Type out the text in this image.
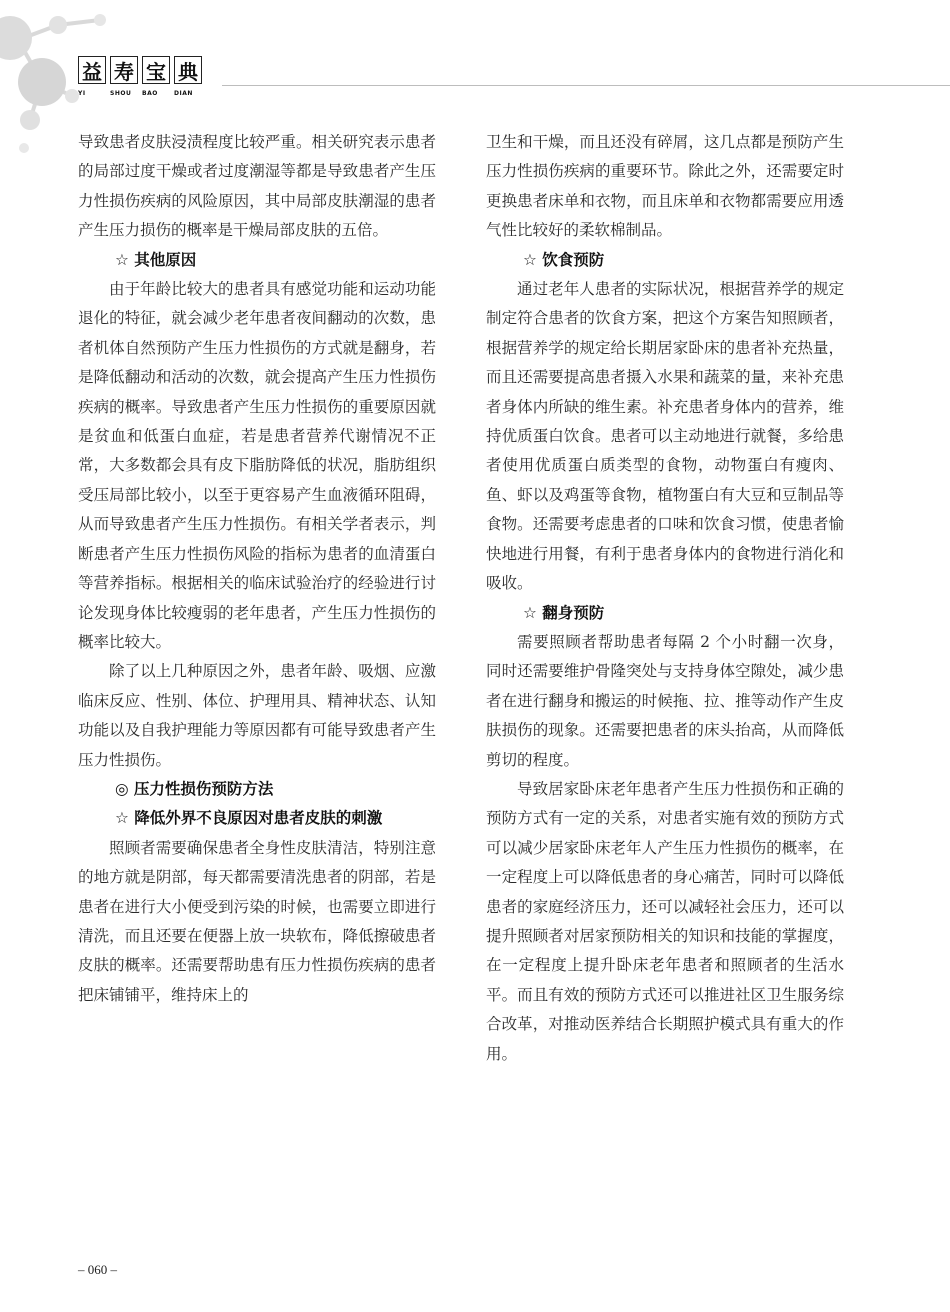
益 寿 宝 典
YI	SHOU	BAO	DIAN

导致患者皮肤浸渍程度比较严重。相关研究表示患者的局部过度干燥或者过度潮湿等都是导致患者产生压力性损伤疾病的风险原因，其中局部皮肤潮湿的患者产生压力损伤的概率是干燥局部皮肤的五倍。

☆ 其他原因

由于年龄比较大的患者具有感觉功能和运动功能退化的特征，就会减少老年患者夜间翻动的次数，患者机体自然预防产生压力性损伤的方式就是翻身，若是降低翻动和活动的次数，就会提高产生压力性损伤疾病的概率。导致患者产生压力性损伤的重要原因就是贫血和低蛋白血症，若是患者营养代谢情况不正常，大多数都会具有皮下脂肪降低的状况，脂肪组织受压局部比较小，以至于更容易产生血液循环阻碍，从而导致患者产生压力性损伤。有相关学者表示，判断患者产生压力性损伤风险的指标为患者的血清蛋白等营养指标。根据相关的临床试验治疗的经验进行讨论发现身体比较瘦弱的老年患者，产生压力性损伤的概率比较大。

除了以上几种原因之外，患者年龄、吸烟、应激临床反应、性别、体位、护理用具、精神状态、认知功能以及自我护理能力等原因都有可能导致患者产生压力性损伤。

◎ 压力性损伤预防方法

☆ 降低外界不良原因对患者皮肤的刺激

照顾者需要确保患者全身性皮肤清洁，特别注意的地方就是阴部，每天都需要清洗患者的阴部，若是患者在进行大小便受到污染的时候，也需要立即进行清洗，而且还要在便器上放一块软布，降低擦破患者皮肤的概率。还需要帮助患有压力性损伤疾病的患者把床铺铺平，维持床上的

卫生和干燥，而且还没有碎屑，这几点都是预防产生压力性损伤疾病的重要环节。除此之外，还需要定时更换患者床单和衣物，而且床单和衣物都需要应用透气性比较好的柔软棉制品。

☆ 饮食预防

通过老年人患者的实际状况，根据营养学的规定制定符合患者的饮食方案，把这个方案告知照顾者，根据营养学的规定给长期居家卧床的患者补充热量，而且还需要提高患者摄入水果和蔬菜的量，来补充患者身体内所缺的维生素。补充患者身体内的营养，维持优质蛋白饮食。患者可以主动地进行就餐，多给患者使用优质蛋白质类型的食物，动物蛋白有瘦肉、鱼、虾以及鸡蛋等食物，植物蛋白有大豆和豆制品等食物。还需要考虑患者的口味和饮食习惯，使患者愉快地进行用餐，有利于患者身体内的食物进行消化和吸收。

☆ 翻身预防

需要照顾者帮助患者每隔 2 个小时翻一次身，同时还需要维护骨隆突处与支持身体空隙处，减少患者在进行翻身和搬运的时候拖、拉、推等动作产生皮肤损伤的现象。还需要把患者的床头抬高，从而降低剪切的程度。

导致居家卧床老年患者产生压力性损伤和正确的预防方式有一定的关系，对患者实施有效的预防方式可以减少居家卧床老年人产生压力性损伤的概率，在一定程度上可以降低患者的身心痛苦，同时可以降低患者的家庭经济压力，还可以减轻社会压力，还可以提升照顾者对居家预防相关的知识和技能的掌握度，在一定程度上提升卧床老年患者和照顾者的生活水平。而且有效的预防方式还可以推进社区卫生服务综合改革，对推动医养结合长期照护模式具有重大的作用。

– 060 –
